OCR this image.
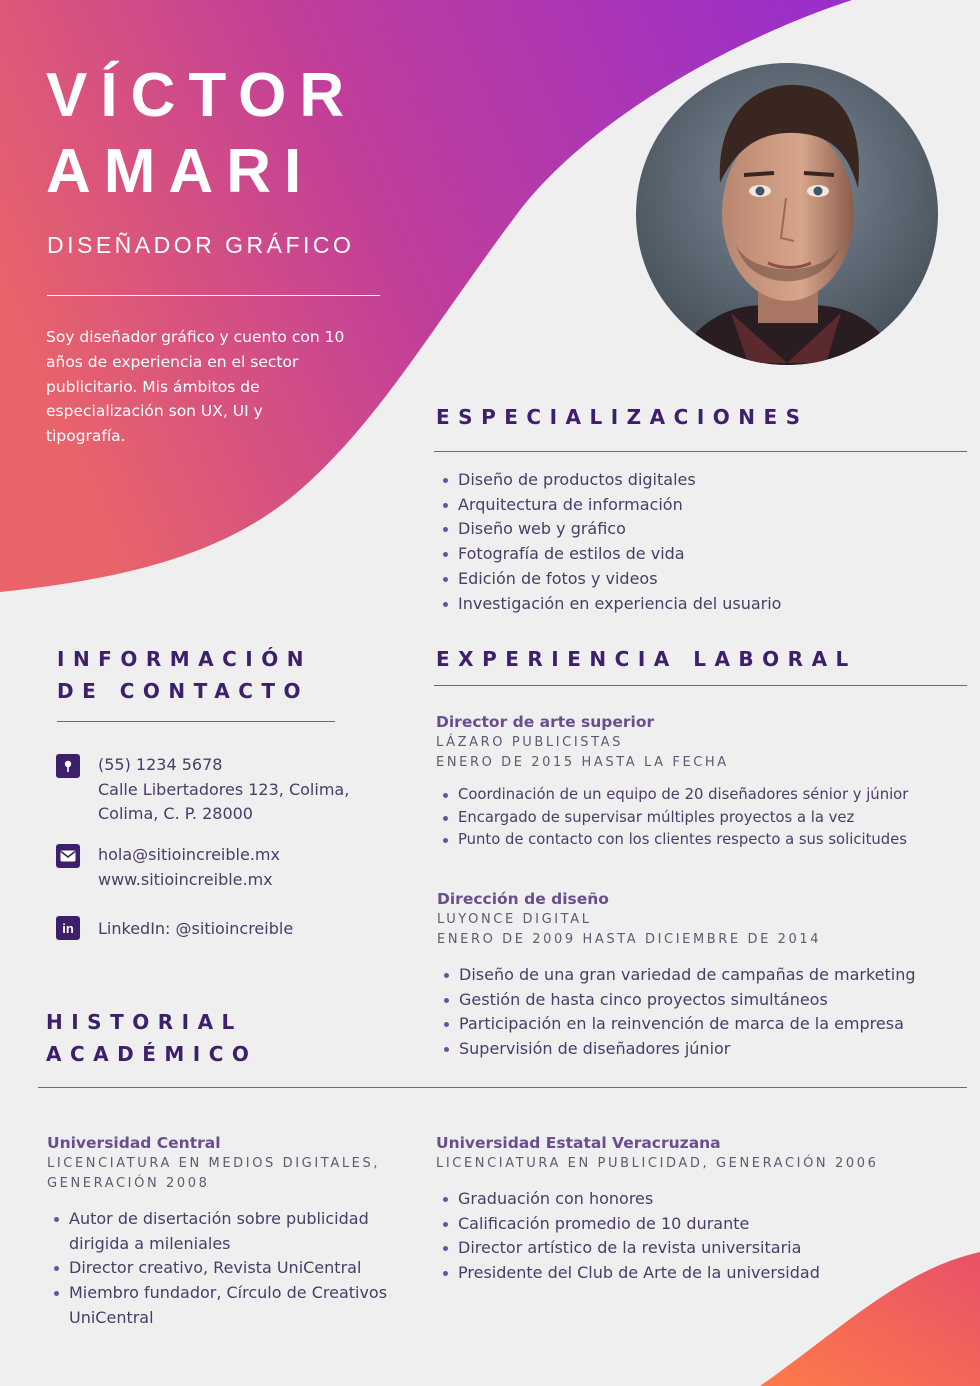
VÍCTOR
AMARI
DISEÑADOR GRÁFICO
Soy diseñador gráfico y cuento con 10 años de experiencia en el sector publicitario. Mis ámbitos de especialización son UX, UI y tipografía.
ESPECIALIZACIONES
Diseño de productos digitales
Arquitectura de información
Diseño web y gráfico
Fotografía de estilos de vida
Edición de fotos y videos
Investigación en experiencia del usuario
INFORMACIÓN
DE CONTACTO
(55) 1234 5678
Calle Libertadores 123, Colima,
Colima, C. P. 28000
hola@sitioincreible.mx
www.sitioincreible.mx
in LinkedIn: @sitioincreible
EXPERIENCIA LABORAL
Director de arte superior
LÁZARO PUBLICISTAS
ENERO DE 2015 HASTA LA FECHA
Coordinación de un equipo de 20 diseñadores sénior y júnior
Encargado de supervisar múltiples proyectos a la vez
Punto de contacto con los clientes respecto a sus solicitudes
Dirección de diseño
LUYONCE DIGITAL
ENERO DE 2009 HASTA DICIEMBRE DE 2014
Diseño de una gran variedad de campañas de marketing
Gestión de hasta cinco proyectos simultáneos
Participación en la reinvención de marca de la empresa
Supervisión de diseñadores júnior
HISTORIAL
ACADÉMICO
Universidad Central
LICENCIATURA EN MEDIOS DIGITALES,
GENERACIÓN 2008
Autor de disertación sobre publicidad dirigida a mileniales
Director creativo, Revista UniCentral
Miembro fundador, Círculo de Creativos UniCentral
Universidad Estatal Veracruzana
LICENCIATURA EN PUBLICIDAD, GENERACIÓN 2006
Graduación con honores
Calificación promedio de 10 durante
Director artístico de la revista universitaria
Presidente del Club de Arte de la universidad
